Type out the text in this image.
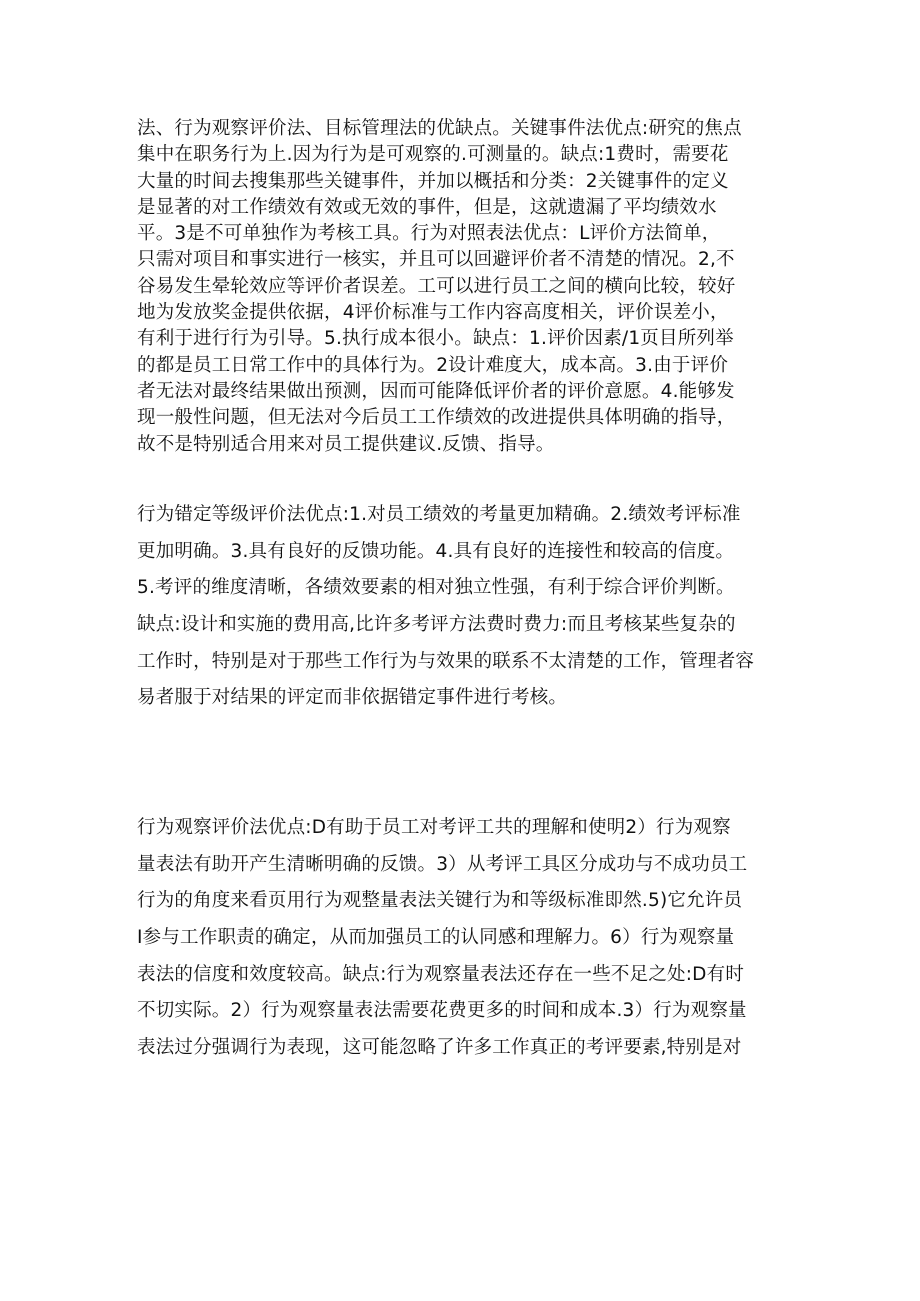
法、行为观察评价法、目标管理法的优缺点。关键事件法优点:研究的焦点
集中在职务行为上.因为行为是可观察的.可测量的。缺点:1费时，需要花
大量的时间去搜集那些关键事件，并加以概括和分类：2关键事件的定义
是显著的对工作绩效有效或无效的事件，但是，这就遗漏了平均绩效水
平。3是不可单独作为考核工具。行为对照表法优点：L评价方法简单，
只需对项目和事实进行一核实，并且可以回避评价者不清楚的情况。2,不
谷易发生晕轮效应等评价者误差。工可以进行员工之间的横向比较，较好
地为发放奖金提供依据，4评价标准与工作内容高度相关，评价误差小，
有利于进行行为引导。5.执行成本很小。缺点：1.评价因素/1页目所列举
的都是员工日常工作中的具体行为。2设计难度大，成本高。3.由于评价
者无法对最终结果做出预测，因而可能降低评价者的评价意愿。4.能够发
现一般性问题，但无法对今后员工工作绩效的改进提供具体明确的指导，
故不是特别适合用来对员工提供建议.反馈、指导。
行为错定等级评价法优点:1.对员工绩效的考量更加精确。2.绩效考评标准
更加明确。3.具有良好的反馈功能。4.具有良好的连接性和较高的信度。
5.考评的维度清晰，各绩效要素的相对独立性强，有利于综合评价判断。
缺点:设计和实施的费用高,比许多考评方法费时费力:而且考核某些复杂的
工作时，特别是对于那些工作行为与效果的联系不太清楚的工作，管理者容
易者服于对结果的评定而非依据错定事件进行考核。
行为观察评价法优点:D有助于员工对考评工共的理解和使明2）行为观察
量表法有助开产生清晰明确的反馈。3）从考评工具区分成功与不成功员工
行为的角度来看页用行为观整量表法关键行为和等级标准即然.5)它允许员
I参与工作职责的确定，从而加强员工的认同感和理解力。6）行为观察量
表法的信度和效度较高。缺点:行为观察量表法还存在一些不足之处:D有时
不切实际。2）行为观察量表法需要花费更多的时间和成本.3）行为观察量
表法过分强调行为表现，这可能忽略了许多工作真正的考评要素,特别是对
